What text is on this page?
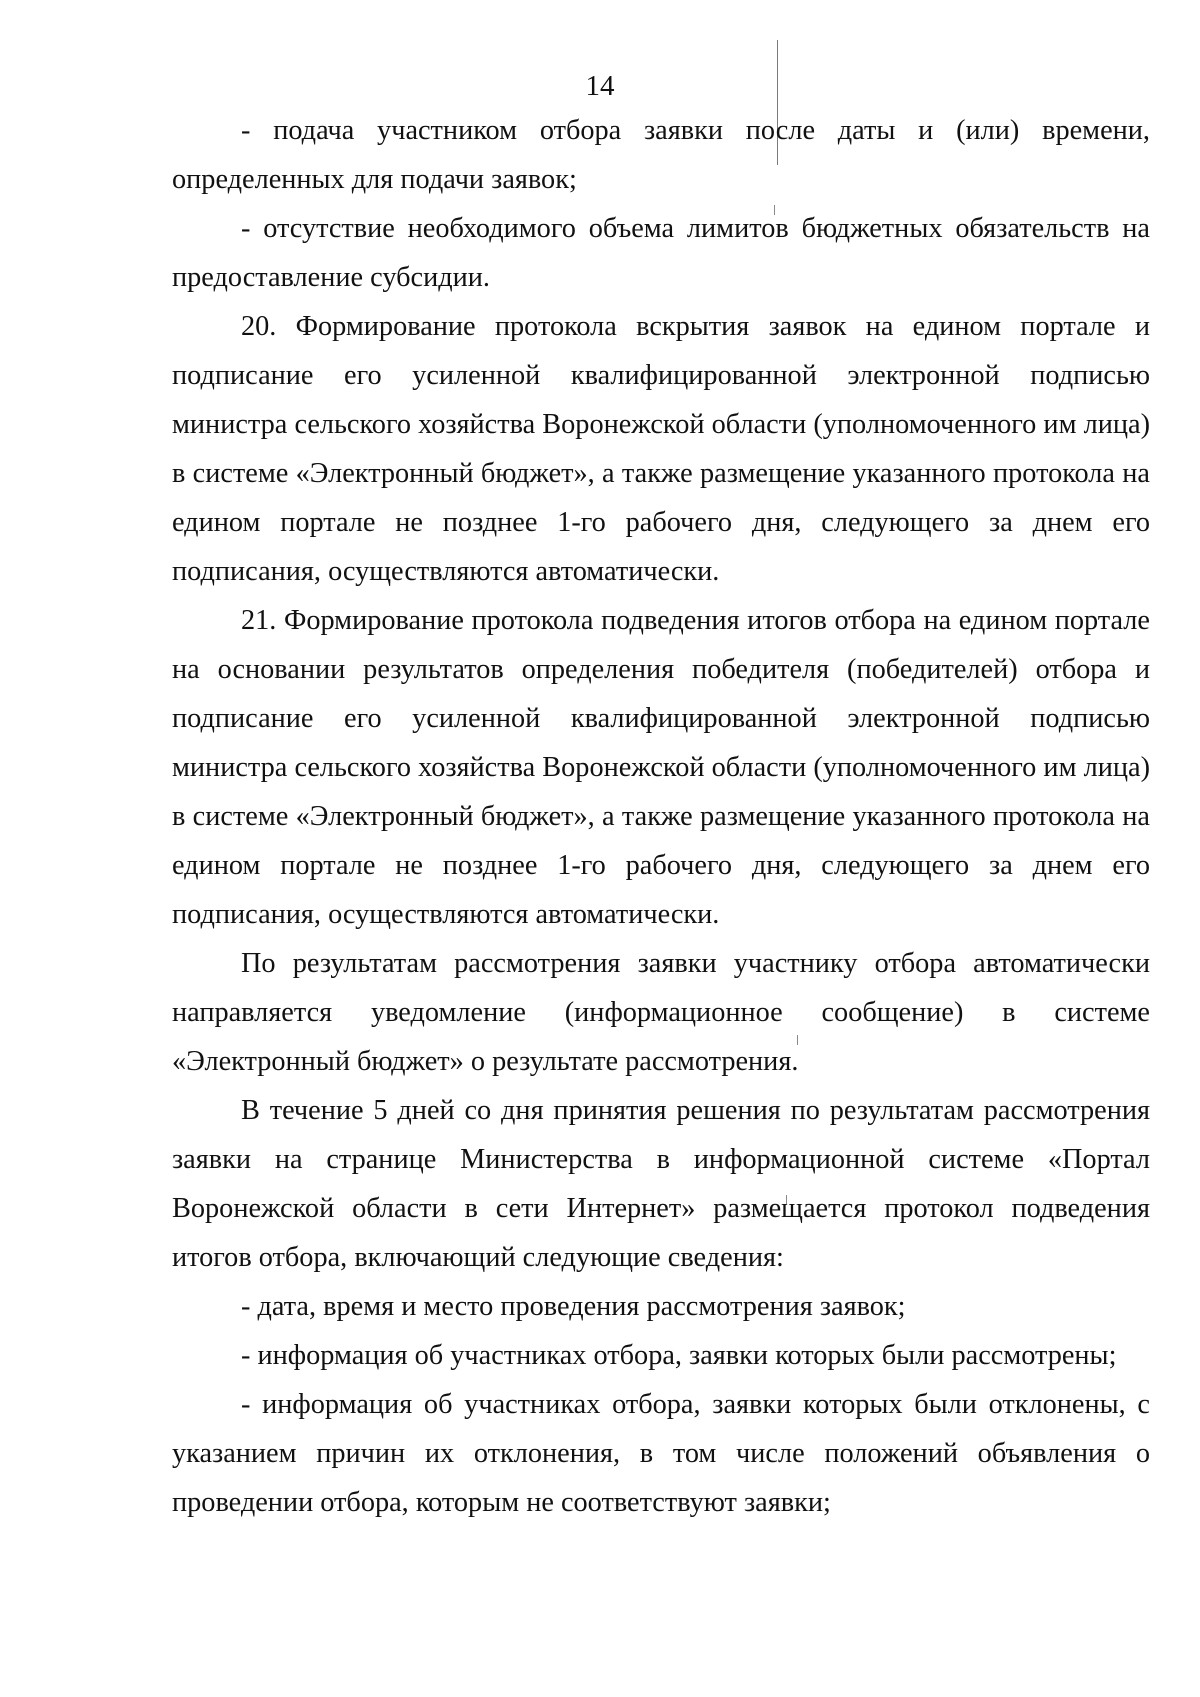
14

- подача участником отбора заявки после даты и (или) времени, определенных для подачи заявок;

- отсутствие необходимого объема лимитов бюджетных обязательств на предоставление субсидии.

20. Формирование протокола вскрытия заявок на едином портале и подписание его усиленной квалифицированной электронной подписью министра сельского хозяйства Воронежской области (уполномоченного им лица) в системе «Электронный бюджет», а также размещение указанного протокола на едином портале не позднее 1-го рабочего дня, следующего за днем его подписания, осуществляются автоматически.

21. Формирование протокола подведения итогов отбора на едином портале на основании результатов определения победителя (победителей) отбора и подписание его усиленной квалифицированной электронной подписью министра сельского хозяйства Воронежской области (уполномоченного им лица) в системе «Электронный бюджет», а также размещение указанного протокола на едином портале не позднее 1-го рабочего дня, следующего за днем его подписания, осуществляются автоматически.

По результатам рассмотрения заявки участнику отбора автоматически направляется уведомление (информационное сообщение) в системе «Электронный бюджет» о результате рассмотрения.

В течение 5 дней со дня принятия решения по результатам рассмотрения заявки на странице Министерства в информационной системе «Портал Воронежской области в сети Интернет» размещается протокол подведения итогов отбора, включающий следующие сведения:

- дата, время и место проведения рассмотрения заявок;

- информация об участниках отбора, заявки которых были рассмотрены;

- информация об участниках отбора, заявки которых были отклонены, с указанием причин их отклонения, в том числе положений объявления о проведении отбора, которым не соответствуют заявки;
